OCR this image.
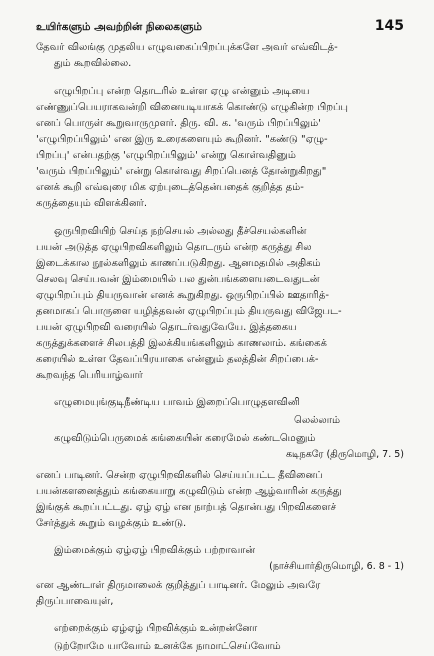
உயிர்களும் அவற்றின் நிலைகளும்	145

தேவர் விலங்கு முதலிய எழுவகைப்பிறப்புக்களே அவர் எவ்விடத்-

தும் கூறவில்லை.

எழுபிறப்பு என்ற தொடரில் உள்ள ஏழு என்னும் அடியை

எண்ணுப்பெயராகவன்றி வினையடியாகக் கொண்டு எழுகின்ற பிறப்பு

எனப் பொருள் கூறுவாருமுளர். திரு. வி. க. 'வரும் பிறப்பிலும்'

'எழுபிறப்பிலும்' என இரு உரைகளையும் கூறினர். "கண்டு "ஏழு-

பிறப்பு' என்பதற்கு 'எழுபிறப்பிலும்' என்று கொள்வதினும்

'வரும் பிறப்பிலும்' என்று கொள்வது சிறப்பெனத் தோன்றுகிறது"

எனக் கூறி எவ்வுரை மிக ஏற்புடைத்தென்பதைக் குறித்த தம்-

கருத்தையும் விளக்கினர்.

ஒருபிறவியிற் செய்த நற்செயல் அல்லது தீச்செயல்களின்

பயன் அடுத்த ஏழுபிறவிகளிலும் தொடரும் என்ற கருத்து சில

இடைக்கால நூல்களிலும் காணப்படுகிறது. ஆனமதமில் அதிகம்

செலவு செய்பவன் இம்மையில் பல துன்பங்களையடைவதுடன்

ஏழுபிறப்பும் தியருவான் எனக் கூறுகிறது. ஒருபிறப்பில் ஊதாரித்-

தனமாகப் பொருளை யழித்தவன் ஏழுபிறப்பும் தியருவது விஜேபட-

பயன் ஏழுபிறவி வரையில் தொடர்வதுவேயே. இத்தகைய

கருத்துக்களைச் சிலபத்தி இலக்கியங்களிலும் காணலாம். கங்கைக்

கரையில் உள்ள தேவப்பிரயாகை என்னும் தலத்தின் சிறப்பைக்-

கூறவந்த பெரியாழ்வார்

எழுமையுங்குடிநீண்டிய பாவம் இறைப்பொழுதளவினி
லெல்லாம்
கழுவிடும்பெருமைக் கங்கையின் கரைமேல் கண்டமெனும்
கடிநகரே (திருமொழி, 7. 5)

எனப் பாடினர். சென்ற ஏழுபிறவிகளில் செய்யப்பட்ட தீவினைப்

பயன்களனைத்தும் கங்கையாறு கழுவிடும் என்ற ஆழ்வாரின் கருத்து

இங்குக் கூறப்பட்டது. ஏழ் ஏழ் என நாற்பத் தொன்பது பிறவிகளைச்

சேர்த்துக் கூறும் வழக்கும் உண்டு.

இம்மைக்கும் ஏழ்ஏழ் பிறவிக்கும் பற்றாவான்
(நாச்சியார்திருமொழி, 6. 8 - 1)

என ஆண்டாள் திருமாலைக் குறித்துப் பாடினர். மேலும் அவரே

திருப்பாவையுள்,

எற்றைக்கும் ஏழ்ஏழ் பிறவிக்கும் உன்றன்னோ
டுற்றோமே யாவோம் உனக்கே நாமாட்செய்வோம்
